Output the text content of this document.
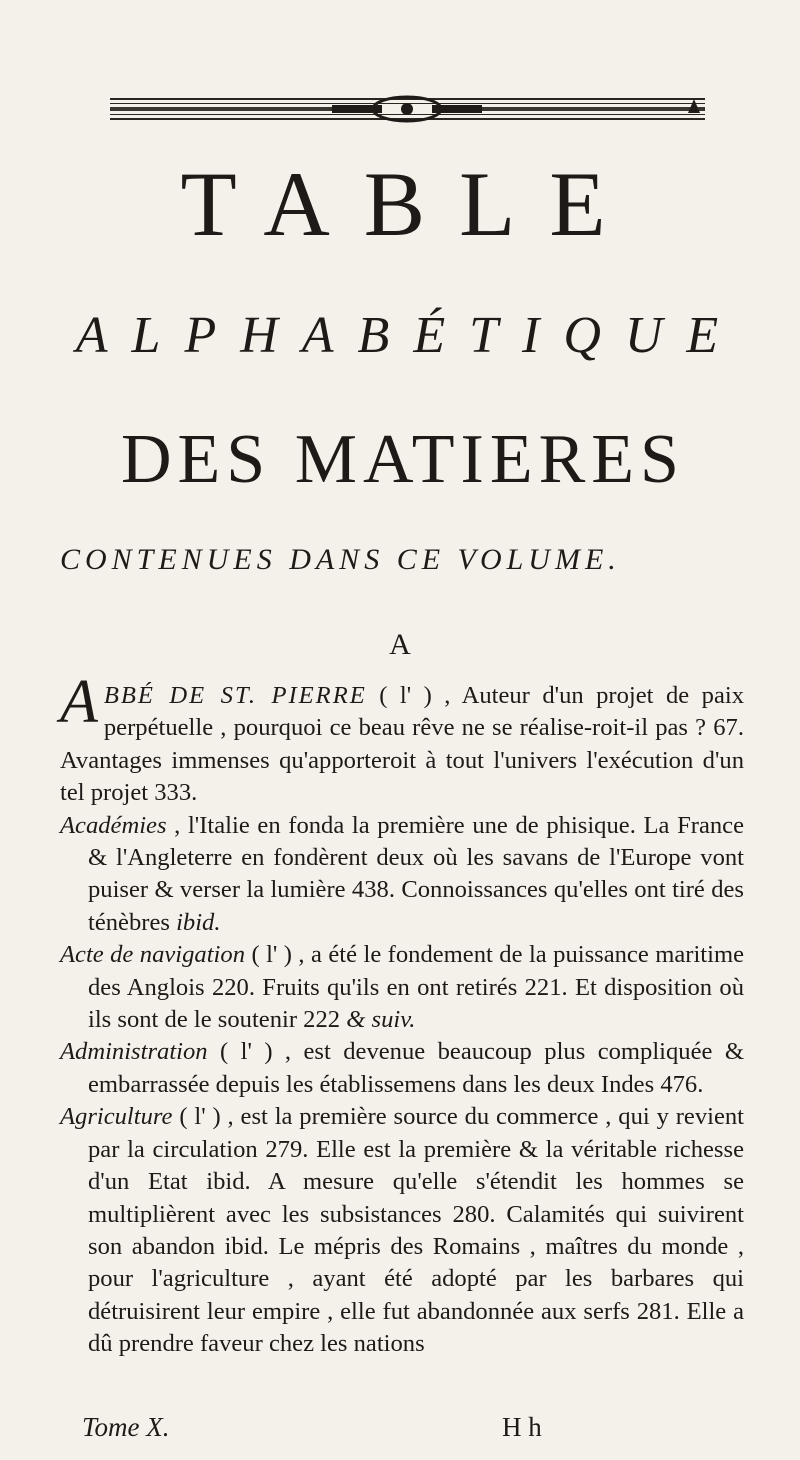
TABLE
ALPHABÉTIQUE
DES MATIERES
CONTENUES DANS CE VOLUME.
A

ABBÉ DE ST. PIERRE ( l' ) , Auteur d'un projet de paix perpétuelle , pourquoi ce beau rêve ne se réalise-roit-il pas ? 67. Avantages immenses qu'apporteroit à tout l'univers l'exécution d'un tel projet 333.

Académies , l'Italie en fonda la première une de phisique. La France & l'Angleterre en fondèrent deux où les savans de l'Europe vont puiser & verser la lumière 438. Connoissances qu'elles ont tiré des ténèbres ibid.

Acte de navigation ( l' ) , a été le fondement de la puissance maritime des Anglois 220. Fruits qu'ils en ont retirés 221. Et disposition où ils sont de le soutenir 222 & suiv.

Administration ( l' ) , est devenue beaucoup plus compliquée & embarrassée depuis les établissemens dans les deux Indes 476.

Agriculture ( l' ) , est la première source du commerce , qui y revient par la circulation 279. Elle est la première & la véritable richesse d'un Etat ibid. A mesure qu'elle s'étendit les hommes se multiplièrent avec les subsistances 280. Calamités qui suivirent son abandon ibid. Le mépris des Romains , maîtres du monde , pour l'agriculture , ayant été adopté par les barbares qui détruisirent leur empire , elle fut abandonnée aux serfs 281. Elle a dû prendre faveur chez les nations

Tome X.	H h
